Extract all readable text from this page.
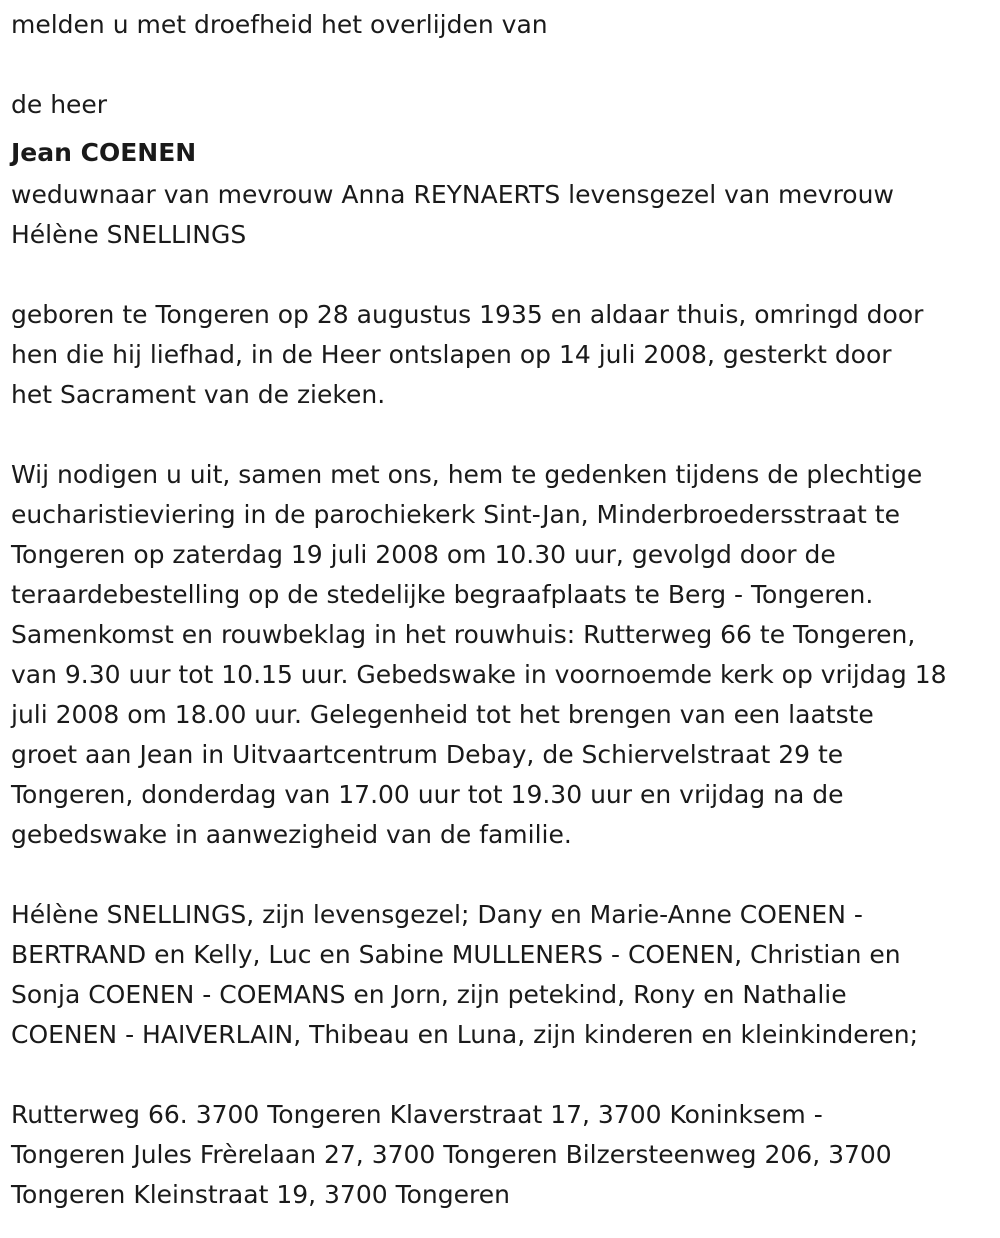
melden u met droefheid het overlijden van
de heer
Jean COENEN
weduwnaar van mevrouw Anna REYNAERTS levensgezel van mevrouw
Hélène SNELLINGS
geboren te Tongeren op 28 augustus 1935 en aldaar thuis, omringd door
hen die hij liefhad, in de Heer ontslapen op 14 juli 2008, gesterkt door
het Sacrament van de zieken.
Wij nodigen u uit, samen met ons, hem te gedenken tijdens de plechtige
eucharistieviering in de parochiekerk Sint-Jan, Minderbroedersstraat te
Tongeren op zaterdag 19 juli 2008 om 10.30 uur, gevolgd door de
teraardebestelling op de stedelijke begraafplaats te Berg - Tongeren.
Samenkomst en rouwbeklag in het rouwhuis: Rutterweg 66 te Tongeren,
van 9.30 uur tot 10.15 uur. Gebedswake in voornoemde kerk op vrijdag 18
juli 2008 om 18.00 uur. Gelegenheid tot het brengen van een laatste
groet aan Jean in Uitvaartcentrum Debay, de Schiervelstraat 29 te
Tongeren, donderdag van 17.00 uur tot 19.30 uur en vrijdag na de
gebedswake in aanwezigheid van de familie.
Hélène SNELLINGS, zijn levensgezel; Dany en Marie-Anne COENEN -
BERTRAND en Kelly, Luc en Sabine MULLENERS - COENEN, Christian en
Sonja COENEN - COEMANS en Jorn, zijn petekind, Rony en Nathalie
COENEN - HAIVERLAIN, Thibeau en Luna, zijn kinderen en kleinkinderen;
Rutterweg 66. 3700 Tongeren Klaverstraat 17, 3700 Koninksem -
Tongeren Jules Frèrelaan 27, 3700 Tongeren Bilzersteenweg 206, 3700
Tongeren Kleinstraat 19, 3700 Tongeren
